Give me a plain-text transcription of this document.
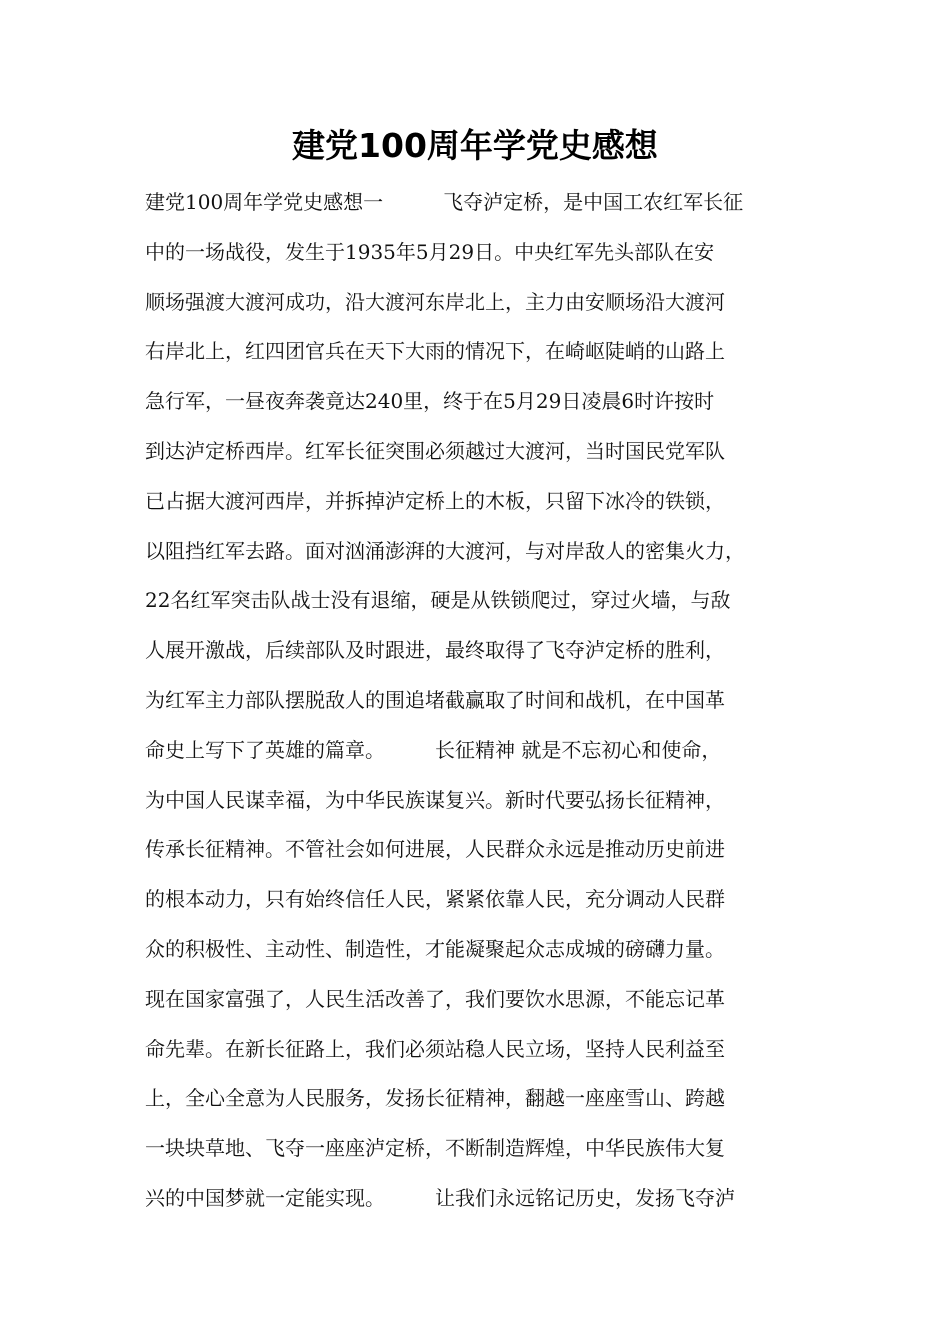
建党100周年学党史感想
建党100周年学党史感想一　　　飞夺泸定桥，是中国工农红军长征
中的一场战役，发生于1935年5月29日。中央红军先头部队在安
顺场强渡大渡河成功，沿大渡河东岸北上，主力由安顺场沿大渡河
右岸北上，红四团官兵在天下大雨的情况下，在崎岖陡峭的山路上
急行军，一昼夜奔袭竟达240里，终于在5月29日凌晨6时许按时
到达泸定桥西岸。红军长征突围必须越过大渡河，当时国民党军队
已占据大渡河西岸，并拆掉泸定桥上的木板，只留下冰冷的铁锁，
以阻挡红军去路。面对汹涌澎湃的大渡河，与对岸敌人的密集火力，
22名红军突击队战士没有退缩，硬是从铁锁爬过，穿过火墙，与敌
人展开激战，后续部队及时跟进，最终取得了飞夺泸定桥的胜利，
为红军主力部队摆脱敌人的围追堵截赢取了时间和战机，在中国革
命史上写下了英雄的篇章。　　　长征精神 就是不忘初心和使命，
为中国人民谋幸福，为中华民族谋复兴。新时代要弘扬长征精神，
传承长征精神。不管社会如何进展，人民群众永远是推动历史前进
的根本动力，只有始终信任人民，紧紧依靠人民，充分调动人民群
众的积极性、主动性、制造性，才能凝聚起众志成城的磅礴力量。
现在国家富强了，人民生活改善了，我们要饮水思源，不能忘记革
命先辈。在新长征路上，我们必须站稳人民立场，坚持人民利益至
上，全心全意为人民服务，发扬长征精神，翻越一座座雪山、跨越
一块块草地、飞夺一座座泸定桥，不断制造辉煌，中华民族伟大复
兴的中国梦就一定能实现。　　　让我们永远铭记历史，发扬飞夺泸
